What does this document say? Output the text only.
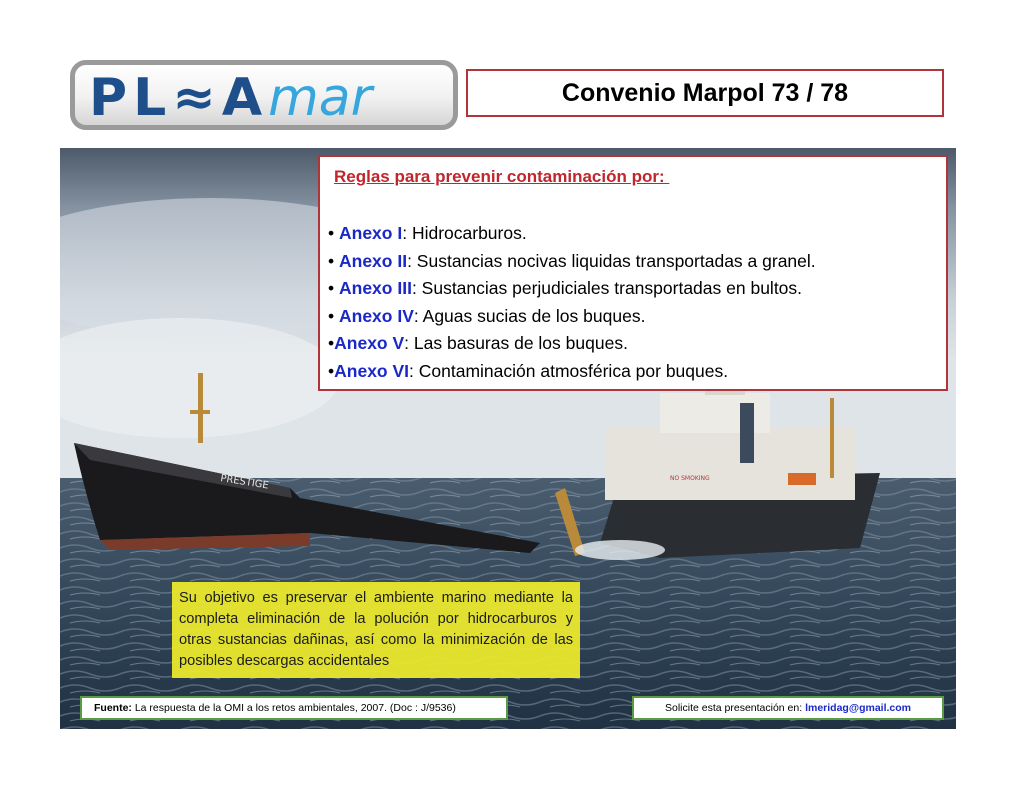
PL≈Amar	Convenio Marpol 73 / 78
PRESTIGE	NO SMOKING
Reglas para prevenir contaminación por:
• Anexo I: Hidrocarburos.
• Anexo II: Sustancias nocivas liquidas transportadas a granel.
• Anexo III: Sustancias perjudiciales transportadas en bultos.
• Anexo IV: Aguas sucias de los buques.
•Anexo V: Las basuras de los buques.
•Anexo VI: Contaminación atmosférica por buques.

Su objetivo es preservar el ambiente marino mediante la completa eliminación de la polución por hidrocarburos y otras sustancias dañinas, así como la minimización de las posibles descargas accidentales

Fuente: La respuesta de la OMI a los retos ambientales, 2007. (Doc : J/9536)	Solicite esta presentación en: lmeridag@gmail.com
